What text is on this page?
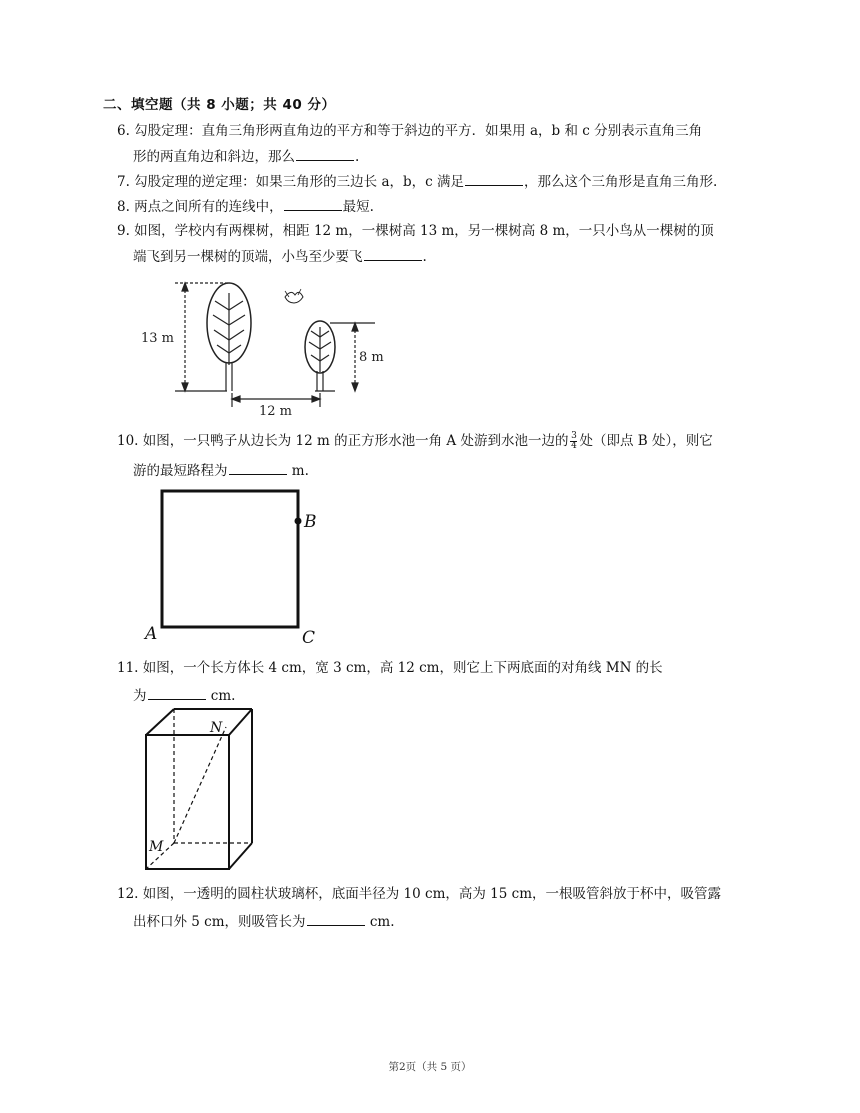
二、填空题（共 8 小题；共 40 分）
6. 勾股定理：直角三角形两直角边的平方和等于斜边的平方．如果用 a，b 和 c 分别表示直角三角
形的两直角边和斜边，那么	.
7. 勾股定理的逆定理：如果三角形的三边长 a，b，c 满足	，那么这个三角形是直角三角形.
8. 两点之间所有的连线中，	最短.
9. 如图，学校内有两棵树，相距 12 m，一棵树高 13 m，另一棵树高 8 m，一只小鸟从一棵树的顶
端飞到另一棵树的顶端，小鸟至少要飞	.
13 m
8 m
12 m
10. 如图，一只鸭子从边长为 12 m 的正方形水池一角 A 处游到水池一边的 $\frac{3}{4}$ 处（即点 B 处），则它
游的最短路程为	m.
A
B
C
11. 如图，一个长方体长 4 cm，宽 3 cm，高 12 cm，则它上下两底面的对角线 MN 的长
为	cm.
N
M
12. 如图，一透明的圆柱状玻璃杯，底面半径为 10 cm，高为 15 cm，一根吸管斜放于杯中，吸管露
出杯口外 5 cm，则吸管长为	cm.
第2页（共 5 页）
